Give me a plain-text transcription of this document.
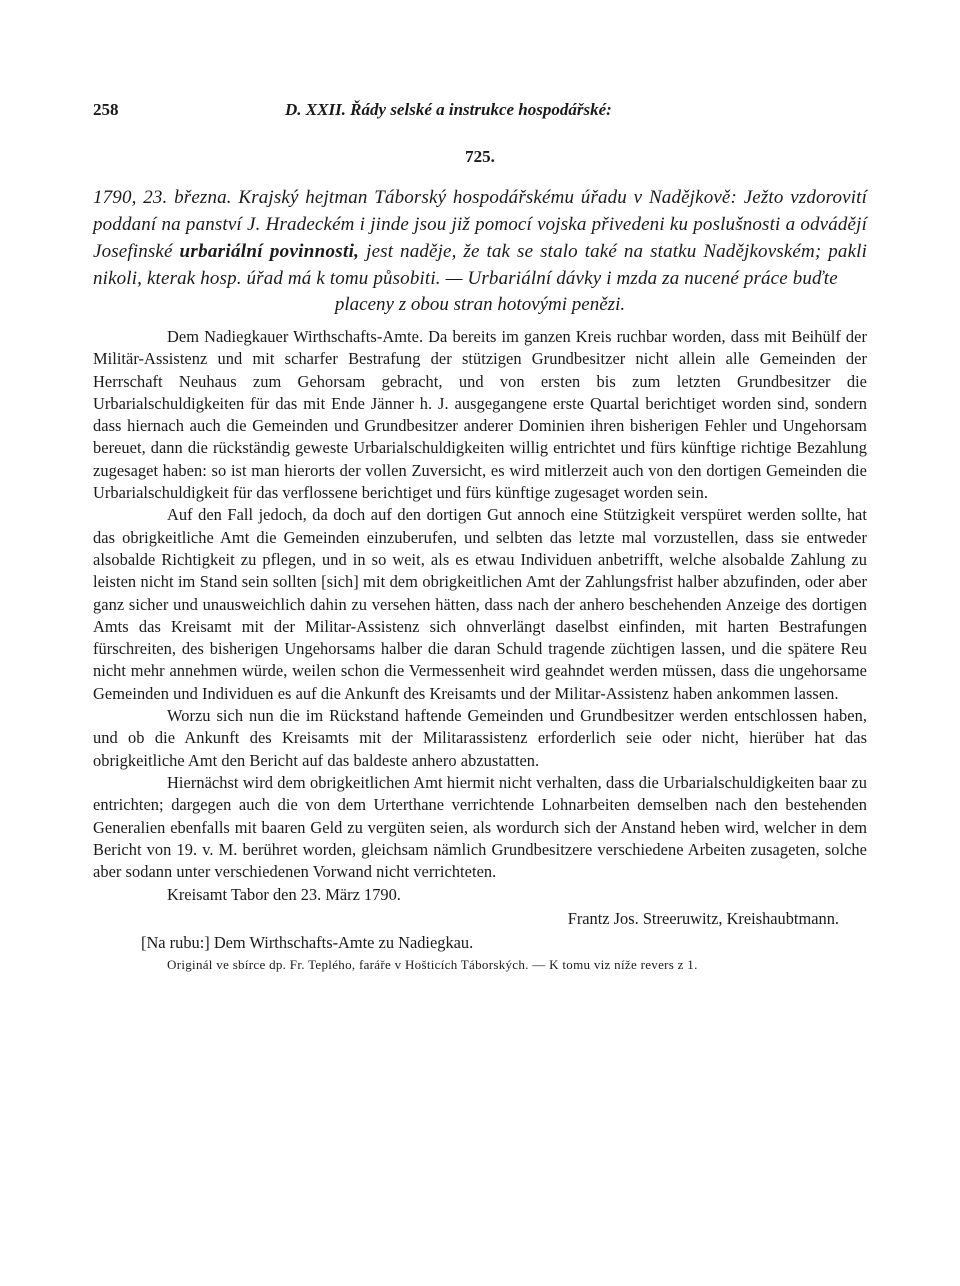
258	D. XXII. Řády selské a instrukce hospodářské:
725.
1790, 23. března. Krajský hejtman Táborský hospodářskému úřadu v Nadějkově: Ježto vzdorovití poddaní na panství J. Hradeckém i jinde jsou již pomocí vojska přivedeni ku poslušnosti a odvádějí Josefinské urbariální povinnosti, jest naděje, že tak se stalo také na statku Nadějkovském; pakli nikoli, kterak hosp. úřad má k tomu působiti. — Urbariální dávky i mzda za nucené práce buďte
placeny z obou stran hotovými penězi.

Dem Nadiegkauer Wirthschafts-Amte. Da bereits im ganzen Kreis ruchbar worden, dass mit Beihülf der Militär-Assistenz und mit scharfer Bestrafung der stützigen Grundbesitzer nicht allein alle Gemeinden der Herrschaft Neuhaus zum Gehorsam gebracht, und von ersten bis zum letzten Grundbesitzer die Urbarialschuldigkeiten für das mit Ende Jänner h. J. ausgegangene erste Quartal berichtiget worden sind, sondern dass hiernach auch die Gemeinden und Grundbesitzer anderer Dominien ihren bisherigen Fehler und Ungehorsam bereuet, dann die rückständig geweste Urbarialschuldigkeiten willig entrichtet und fürs künftige richtige Bezahlung zugesaget haben: so ist man hierorts der vollen Zuversicht, es wird mitlerzeit auch von den dortigen Gemeinden die Urbarialschuldigkeit für das verflossene berichtiget und fürs künftige zugesaget worden sein.

Auf den Fall jedoch, da doch auf den dortigen Gut annoch eine Stützigkeit verspüret werden sollte, hat das obrigkeitliche Amt die Gemeinden einzuberufen, und selbten das letzte mal vorzustellen, dass sie entweder alsobalde Richtigkeit zu pflegen, und in so weit, als es etwau Individuen anbetrifft, welche alsobalde Zahlung zu leisten nicht im Stand sein sollten [sich] mit dem obrigkeitlichen Amt der Zahlungsfrist halber abzufinden, oder aber ganz sicher und unausweichlich dahin zu versehen hätten, dass nach der anhero beschehenden Anzeige des dortigen Amts das Kreisamt mit der Militar-Assistenz sich ohnverlängt daselbst einfinden, mit harten Bestrafungen fürschreiten, des bisherigen Ungehorsams halber die daran Schuld tragende züchtigen lassen, und die spätere Reu nicht mehr annehmen würde, weilen schon die Vermessenheit wird geahndet werden müssen, dass die ungehorsame Gemeinden und Individuen es auf die Ankunft des Kreisamts und der Militar-Assistenz haben ankommen lassen.

Worzu sich nun die im Rückstand haftende Gemeinden und Grundbesitzer werden entschlossen haben, und ob die Ankunft des Kreisamts mit der Militarassistenz erforderlich seie oder nicht, hierüber hat das obrigkeitliche Amt den Bericht auf das baldeste anhero abzustatten.

Hiernächst wird dem obrigkeitlichen Amt hiermit nicht verhalten, dass die Urbarialschuldigkeiten baar zu entrichten; dargegen auch die von dem Urterthane verrichtende Lohnarbeiten demselben nach den bestehenden Generalien ebenfalls mit baaren Geld zu vergüten seien, als wordurch sich der Anstand heben wird, welcher in dem Bericht von 19. v. M. berühret worden, gleichsam nämlich Grundbesitzere verschiedene Arbeiten zusageten, solche aber sodann unter verschiedenen Vorwand nicht verrichteten.

Kreisamt Tabor den 23. März 1790.
Frantz Jos. Streeruwitz, Kreishaubtmann.
[Na rubu:] Dem Wirthschafts-Amte zu Nadiegkau.
Originál ve sbírce dp. Fr. Teplého, faráře v Hošticích Táborských. — K tomu viz níže revers z 1.
